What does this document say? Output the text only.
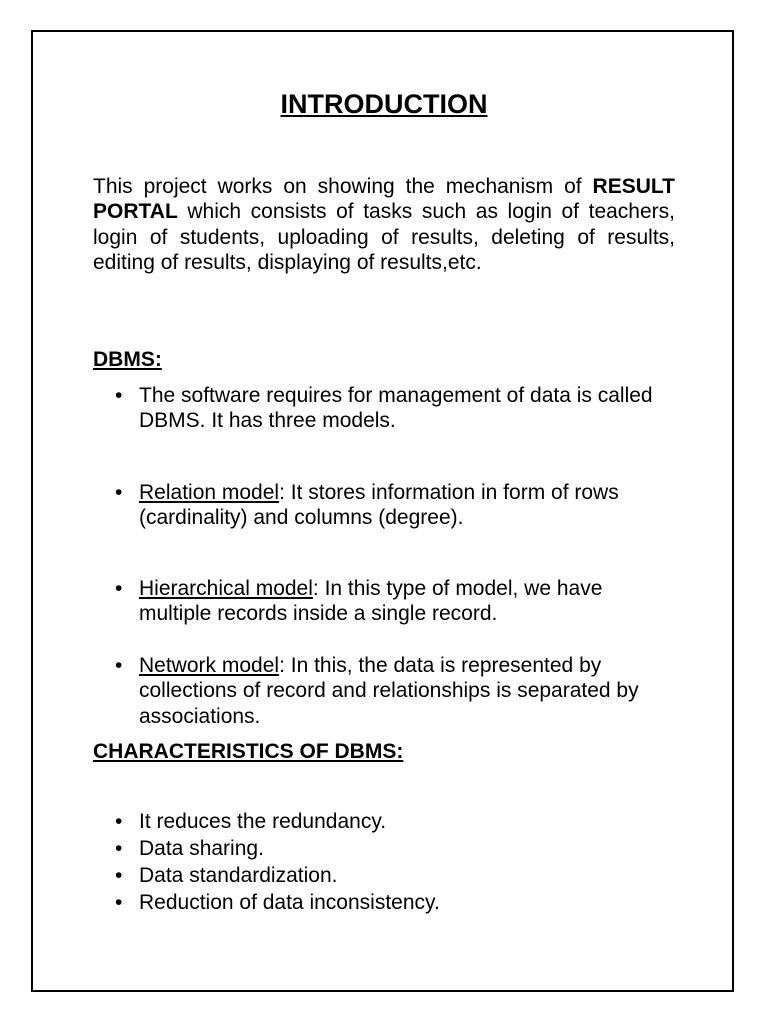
INTRODUCTION

This project works on showing the mechanism of RESULT PORTAL which consists of tasks such as login of teachers, login of students, uploading of results, deleting of results, editing of results, displaying of results,etc.

DBMS:

• The software requires for management of data is called DBMS. It has three models.

• Relation model: It stores information in form of rows (cardinality) and columns (degree).

• Hierarchical model: In this type of model, we have multiple records inside a single record.

• Network model: In this, the data is represented by collections of record and relationships is separated by associations.

CHARACTERISTICS OF DBMS:

• It reduces the redundancy.

• Data sharing.

• Data standardization.

• Reduction of data inconsistency.
